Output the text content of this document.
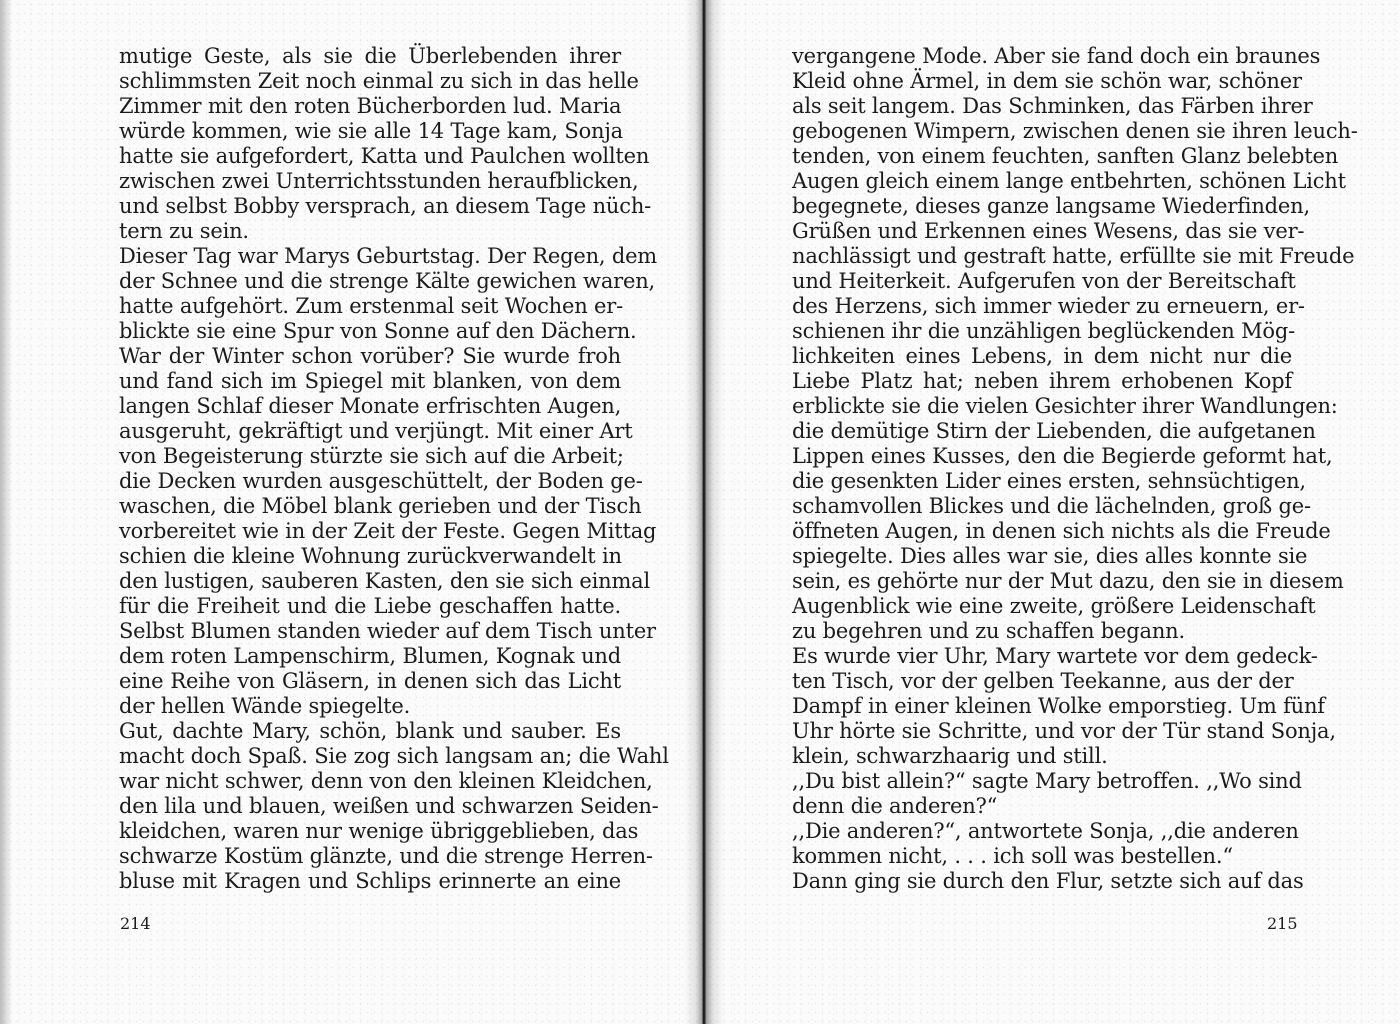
mutige Geste, als sie die Überlebenden ihrer
schlimmsten Zeit noch einmal zu sich in das helle
Zimmer mit den roten Bücherborden lud. Maria
würde kommen, wie sie alle 14 Tage kam, Sonja
hatte sie aufgefordert, Katta und Paulchen wollten
zwischen zwei Unterrichtsstunden heraufblicken,
und selbst Bobby versprach, an diesem Tage nüch-
tern zu sein.
Dieser Tag war Marys Geburtstag. Der Regen, dem
der Schnee und die strenge Kälte gewichen waren,
hatte aufgehört. Zum erstenmal seit Wochen er-
blickte sie eine Spur von Sonne auf den Dächern.
War der Winter schon vorüber? Sie wurde froh
und fand sich im Spiegel mit blanken, von dem
langen Schlaf dieser Monate erfrischten Augen,
ausgeruht, gekräftigt und verjüngt. Mit einer Art
von Begeisterung stürzte sie sich auf die Arbeit;
die Decken wurden ausgeschüttelt, der Boden ge-
waschen, die Möbel blank gerieben und der Tisch
vorbereitet wie in der Zeit der Feste. Gegen Mittag
schien die kleine Wohnung zurückverwandelt in
den lustigen, sauberen Kasten, den sie sich einmal
für die Freiheit und die Liebe geschaffen hatte.
Selbst Blumen standen wieder auf dem Tisch unter
dem roten Lampenschirm, Blumen, Kognak und
eine Reihe von Gläsern, in denen sich das Licht
der hellen Wände spiegelte.
Gut, dachte Mary, schön, blank und sauber. Es
macht doch Spaß. Sie zog sich langsam an; die Wahl
war nicht schwer, denn von den kleinen Kleidchen,
den lila und blauen, weißen und schwarzen Seiden-
kleidchen, waren nur wenige übriggeblieben, das
schwarze Kostüm glänzte, und die strenge Herren-
bluse mit Kragen und Schlips erinnerte an eine
214
vergangene Mode. Aber sie fand doch ein braunes
Kleid ohne Ärmel, in dem sie schön war, schöner
als seit langem. Das Schminken, das Färben ihrer
gebogenen Wimpern, zwischen denen sie ihren leuch-
tenden, von einem feuchten, sanften Glanz belebten
Augen gleich einem lange entbehrten, schönen Licht
begegnete, dieses ganze langsame Wiederfinden,
Grüßen und Erkennen eines Wesens, das sie ver-
nachlässigt und gestraft hatte, erfüllte sie mit Freude
und Heiterkeit. Aufgerufen von der Bereitschaft
des Herzens, sich immer wieder zu erneuern, er-
schienen ihr die unzähligen beglückenden Mög-
lichkeiten eines Lebens, in dem nicht nur die
Liebe Platz hat; neben ihrem erhobenen Kopf
erblickte sie die vielen Gesichter ihrer Wandlungen:
die demütige Stirn der Liebenden, die aufgetanen
Lippen eines Kusses, den die Begierde geformt hat,
die gesenkten Lider eines ersten, sehnsüchtigen,
schamvollen Blickes und die lächelnden, groß ge-
öffneten Augen, in denen sich nichts als die Freude
spiegelte. Dies alles war sie, dies alles konnte sie
sein, es gehörte nur der Mut dazu, den sie in diesem
Augenblick wie eine zweite, größere Leidenschaft
zu begehren und zu schaffen begann.
Es wurde vier Uhr, Mary wartete vor dem gedeck-
ten Tisch, vor der gelben Teekanne, aus der der
Dampf in einer kleinen Wolke emporstieg. Um fünf
Uhr hörte sie Schritte, und vor der Tür stand Sonja,
klein, schwarzhaarig und still.
,,Du bist allein?“ sagte Mary betroffen. ,,Wo sind
denn die anderen?“
,,Die anderen?“, antwortete Sonja, ,,die anderen
kommen nicht, . . . ich soll was bestellen.“
Dann ging sie durch den Flur, setzte sich auf das
215
